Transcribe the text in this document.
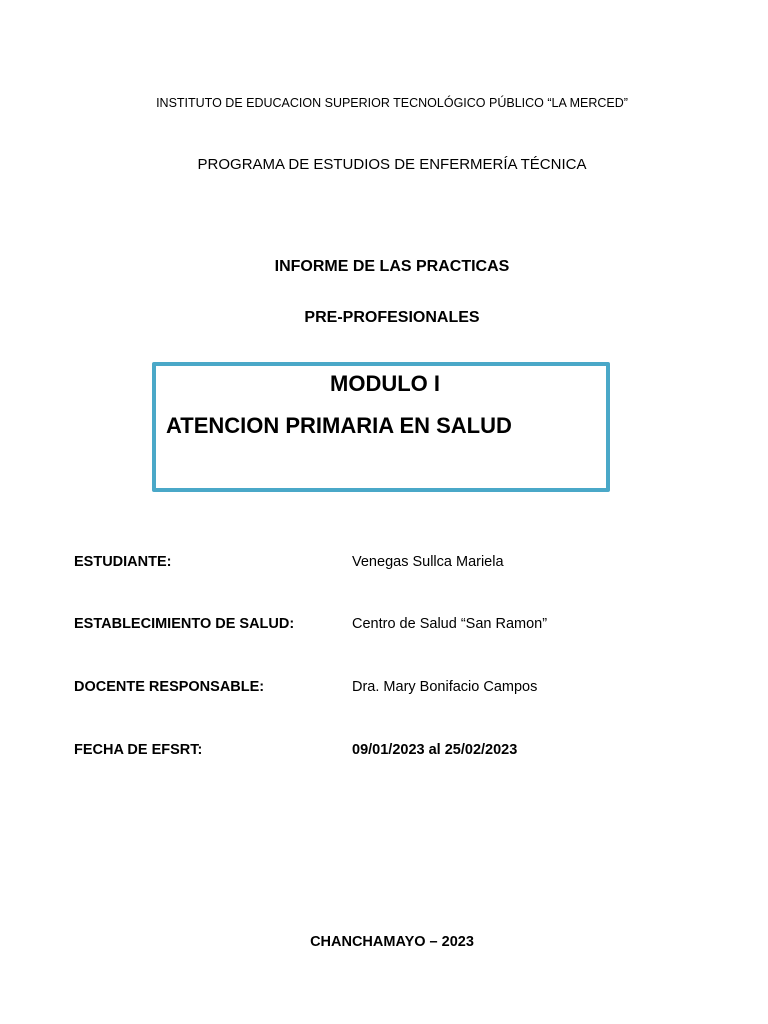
INSTITUTO DE EDUCACION SUPERIOR TECNOLÓGICO PÚBLICO “LA MERCED”
PROGRAMA DE ESTUDIOS DE ENFERMERÍA TÉCNICA
INFORME DE LAS PRACTICAS
PRE-PROFESIONALES
MODULO I
ATENCION PRIMARIA EN SALUD
ESTUDIANTE:	Venegas Sullca Mariela
ESTABLECIMIENTO DE SALUD:	Centro de Salud “San Ramon”
DOCENTE RESPONSABLE:	Dra. Mary Bonifacio Campos
FECHA DE EFSRT:	09/01/2023 al 25/02/2023
CHANCHAMAYO – 2023
